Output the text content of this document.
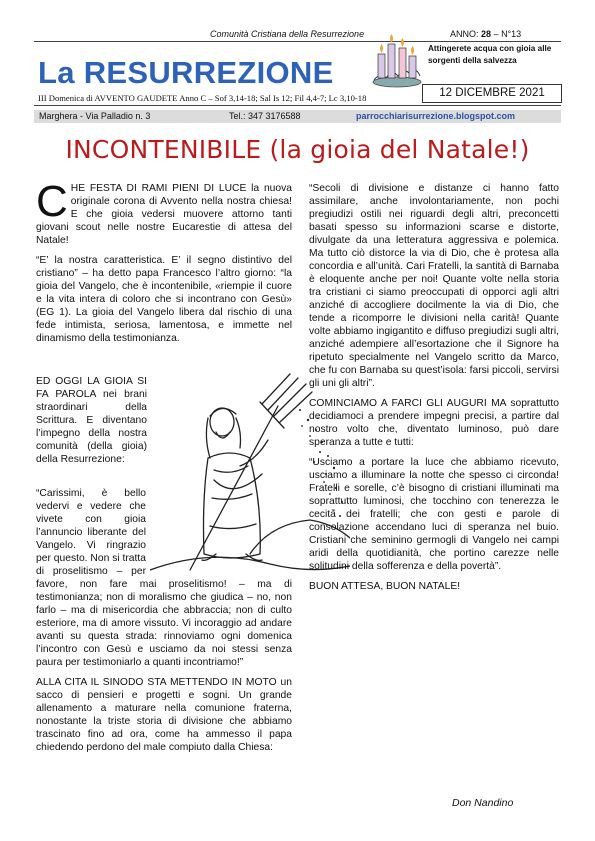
Comunità Cristiana della Resurrezione	ANNO: 28 – N°13
La RESURREZIONE
Attingerete acqua con gioia alle sorgenti della salvezza
12 DICEMBRE 2021
III Domenica di AVVENTO GAUDETE Anno C – Sof 3,14-18; Sal Is 12; Fil 4,4-7; Lc 3,10-18
Marghera - Via Palladio n. 3	Tel.: 347 3176588	parrocchiarisurrezione.blogspot.com
INCONTENIBILE (la gioia del Natale!)

CHE FESTA DI RAMI PIENI DI LUCE la nuova originale corona di Avvento nella nostra chiesa! E che gioia vedersi muovere attorno tanti giovani scout nelle nostre Eucarestie di attesa del Natale!

“E’ la nostra caratteristica. E’ il segno distintivo del cristiano” – ha detto papa Francesco l’altro giorno: “la gioia del Vangelo, che è incontenibile, «riempie il cuore e la vita intera di coloro che si incontrano con Gesù» (EG 1). La gioia del Vangelo libera dal rischio di una fede intimista, seriosa, lamentosa, e immette nel dinamismo della testimonianza.

ED OGGI LA GIOIA SI FA PAROLA nei brani straordinari della Scrittura. E diventano l’impegno della nostra comunità (della gioia) della Resurrezione:

“Carissimi, è bello vedervi e vedere che vivete con gioia l’annuncio liberante del Vangelo. Vi ringrazio per questo. Non si tratta di proselitismo – per favore, non fare mai proselitismo! – ma di testimonianza; non di moralismo che giudica – no, non farlo – ma di misericordia che abbraccia; non di culto esteriore, ma di amore vissuto. Vi incoraggio ad andare avanti su questa strada: rinnoviamo ogni domenica l’incontro con Gesù e usciamo da noi stessi senza paura per testimoniarlo a quanti incontriamo!”

ALLA CITA IL SINODO STA METTENDO IN MOTO un sacco di pensieri e progetti e sogni. Un grande allenamento a maturare nella comunione fraterna, nonostante la triste storia di divisione che abbiamo trascinato fino ad ora, come ha ammesso il papa chiedendo perdono del male compiuto dalla Chiesa:

“Secoli di divisione e distanze ci hanno fatto assimilare, anche involontariamente, non pochi pregiudizi ostili nei riguardi degli altri, preconcetti basati spesso su informazioni scarse e distorte, divulgate da una letteratura aggressiva e polemica. Ma tutto ciò distorce la via di Dio, che è protesa alla concordia e all’unità. Cari Fratelli, la santità di Barnaba è eloquente anche per noi! Quante volte nella storia tra cristiani ci siamo preoccupati di opporci agli altri anziché di accogliere docilmente la via di Dio, che tende a ricomporre le divisioni nella carità! Quante volte abbiamo ingigantito e diffuso pregiudizi sugli altri, anziché adempiere all’esortazione che il Signore ha ripetuto specialmente nel Vangelo scritto da Marco, che fu con Barnaba su quest’isola: farsi piccoli, servirsi gli uni gli altri”.

COMINCIAMO A FARCI GLI AUGURI MA soprattutto decidiamoci a prendere impegni precisi, a partire dal nostro volto che, diventato luminoso, può dare speranza a tutte e tutti:

“Usciamo a portare la luce che abbiamo ricevuto, usciamo a illuminare la notte che spesso ci circonda! Fratelli e sorelle, c’è bisogno di cristiani illuminati ma soprattutto luminosi, che tocchino con tenerezza le cecità dei fratelli; che con gesti e parole di consolazione accendano luci di speranza nel buio. Cristiani che seminino germogli di Vangelo nei campi aridi della quotidianità, che portino carezze nelle solitudini della sofferenza e della povertà”.

BUON ATTESA, BUON NATALE!

Don Nandino
